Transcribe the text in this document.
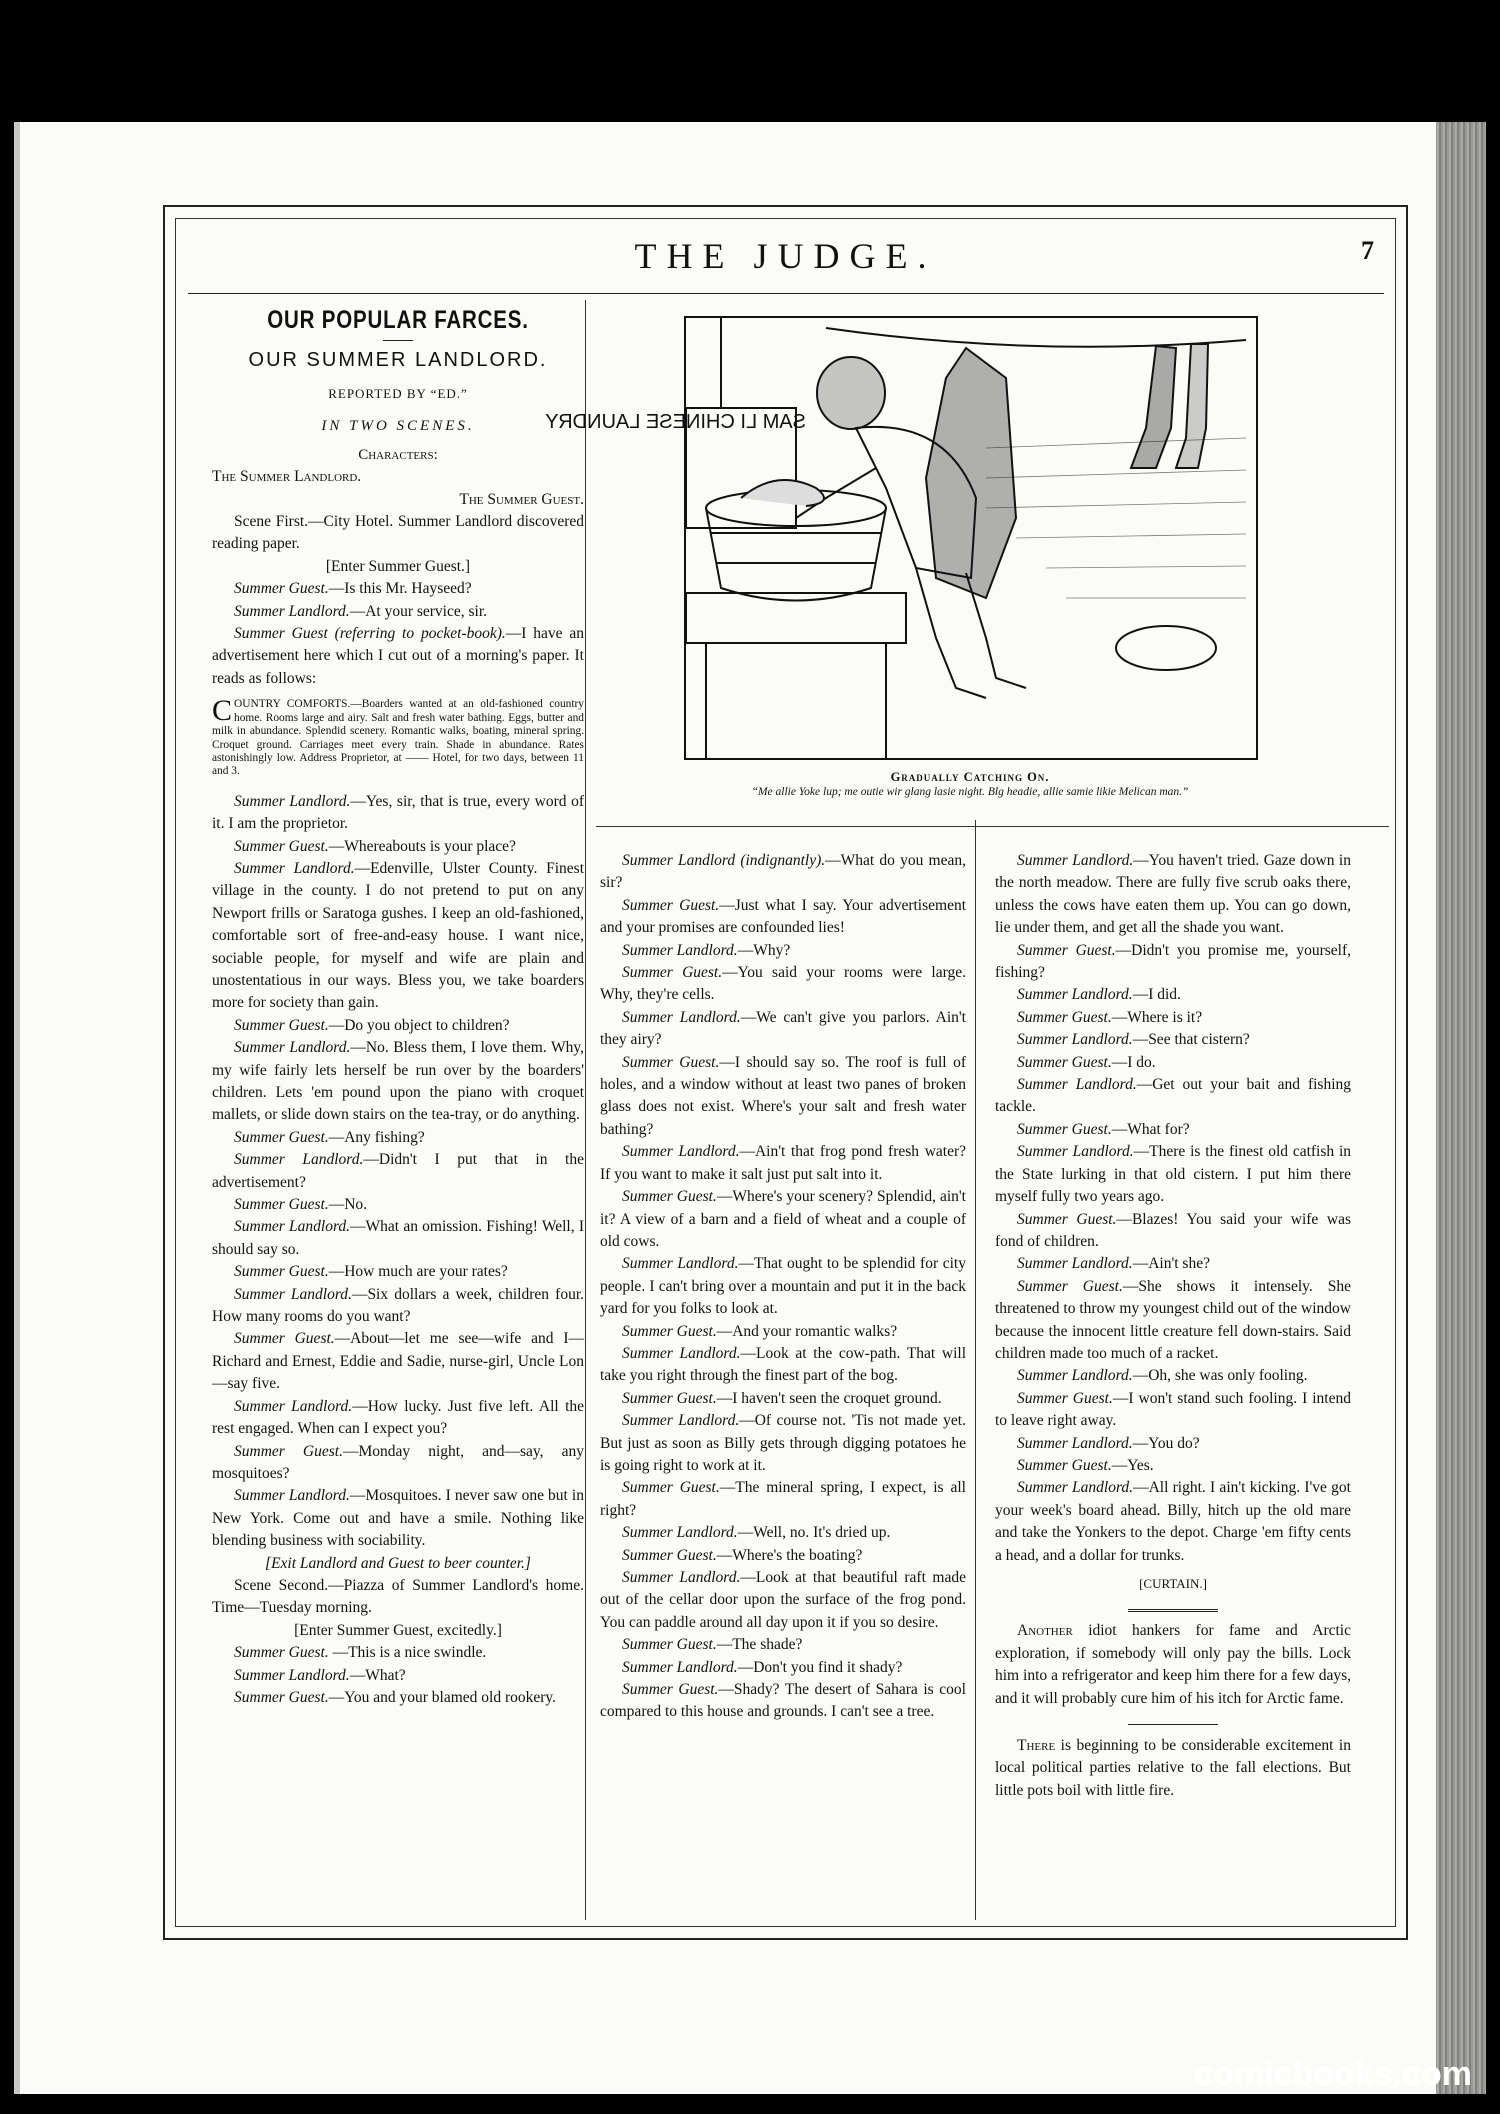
THE JUDGE.	7
OUR POPULAR FARCES.
OUR SUMMER LANDLORD.
REPORTED BY “ED.”
IN TWO SCENES.
Characters:

The Summer Landlord.

The Summer Guest.

Scene First.—City Hotel. Summer Landlord discovered reading paper.

[Enter Summer Guest.]

Summer Guest.—Is this Mr. Hayseed?

Summer Landlord.—At your service, sir.

Summer Guest (referring to pocket-book).—I have an advertisement here which I cut out of a morning's paper. It reads as follows:

COUNTRY COMFORTS.—Boarders wanted at an old-fashioned country home. Rooms large and airy. Salt and fresh water bathing. Eggs, butter and milk in abundance. Splendid scenery. Romantic walks, boating, mineral spring. Croquet ground. Carriages meet every train. Shade in abundance. Rates astonishingly low. Address Proprietor, at —— Hotel, for two days, between 11 and 3.

Summer Landlord.—Yes, sir, that is true, every word of it. I am the proprietor.

Summer Guest.—Whereabouts is your place?

Summer Landlord.—Edenville, Ulster County. Finest village in the county. I do not pretend to put on any Newport frills or Saratoga gushes. I keep an old-fashioned, comfortable sort of free-and-easy house. I want nice, sociable people, for myself and wife are plain and unostentatious in our ways. Bless you, we take boarders more for society than gain.

Summer Guest.—Do you object to children?

Summer Landlord.—No. Bless them, I love them. Why, my wife fairly lets herself be run over by the boarders' children. Lets 'em pound upon the piano with croquet mallets, or slide down stairs on the tea-tray, or do anything.

Summer Guest.—Any fishing?

Summer Landlord.—Didn't I put that in the advertisement?

Summer Guest.—No.

Summer Landlord.—What an omission. Fishing! Well, I should say so.

Summer Guest.—How much are your rates?

Summer Landlord.—Six dollars a week, children four. How many rooms do you want?

Summer Guest.—About—let me see—wife and I—Richard and Ernest, Eddie and Sadie, nurse-girl, Uncle Lon—say five.

Summer Landlord.—How lucky. Just five left. All the rest engaged. When can I expect you?

Summer Guest.—Monday night, and—say, any mosquitoes?

Summer Landlord.—Mosquitoes. I never saw one but in New York. Come out and have a smile. Nothing like blending business with sociability.

[Exit Landlord and Guest to beer counter.]

Scene Second.—Piazza of Summer Landlord's home. Time—Tuesday morning.

[Enter Summer Guest, excitedly.]

Summer Guest. —This is a nice swindle.

Summer Landlord.—What?

Summer Guest.—You and your blamed old rookery.

SAM LI CHINESE LAUNDRY
Gradually Catching On.
“Me allie Yoke lup; me outie wir glang lasie night. Blg headie, allie samie likie Melican man.”

Summer Landlord (indignantly).—What do you mean, sir?

Summer Guest.—Just what I say. Your advertisement and your promises are confounded lies!

Summer Landlord.—Why?

Summer Guest.—You said your rooms were large. Why, they're cells.

Summer Landlord.—We can't give you parlors. Ain't they airy?

Summer Guest.—I should say so. The roof is full of holes, and a window without at least two panes of broken glass does not exist. Where's your salt and fresh water bathing?

Summer Landlord.—Ain't that frog pond fresh water? If you want to make it salt just put salt into it.

Summer Guest.—Where's your scenery? Splendid, ain't it? A view of a barn and a field of wheat and a couple of old cows.

Summer Landlord.—That ought to be splendid for city people. I can't bring over a mountain and put it in the back yard for you folks to look at.

Summer Guest.—And your romantic walks?

Summer Landlord.—Look at the cow-path. That will take you right through the finest part of the bog.

Summer Guest.—I haven't seen the croquet ground.

Summer Landlord.—Of course not. 'Tis not made yet. But just as soon as Billy gets through digging potatoes he is going right to work at it.

Summer Guest.—The mineral spring, I expect, is all right?

Summer Landlord.—Well, no. It's dried up.

Summer Guest.—Where's the boating?

Summer Landlord.—Look at that beautiful raft made out of the cellar door upon the surface of the frog pond. You can paddle around all day upon it if you so desire.

Summer Guest.—The shade?

Summer Landlord.—Don't you find it shady?

Summer Guest.—Shady? The desert of Sahara is cool compared to this house and grounds. I can't see a tree.

Summer Landlord.—You haven't tried. Gaze down in the north meadow. There are fully five scrub oaks there, unless the cows have eaten them up. You can go down, lie under them, and get all the shade you want.

Summer Guest.—Didn't you promise me, yourself, fishing?

Summer Landlord.—I did.

Summer Guest.—Where is it?

Summer Landlord.—See that cistern?

Summer Guest.—I do.

Summer Landlord.—Get out your bait and fishing tackle.

Summer Guest.—What for?

Summer Landlord.—There is the finest old catfish in the State lurking in that old cistern. I put him there myself fully two years ago.

Summer Guest.—Blazes! You said your wife was fond of children.

Summer Landlord.—Ain't she?

Summer Guest.—She shows it intensely. She threatened to throw my youngest child out of the window because the innocent little creature fell down-stairs. Said children made too much of a racket.

Summer Landlord.—Oh, she was only fooling.

Summer Guest.—I won't stand such fooling. I intend to leave right away.

Summer Landlord.—You do?

Summer Guest.—Yes.

Summer Landlord.—All right. I ain't kicking. I've got your week's board ahead. Billy, hitch up the old mare and take the Yonkers to the depot. Charge 'em fifty cents a head, and a dollar for trunks.

[CURTAIN.]

Another idiot hankers for fame and Arctic exploration, if somebody will only pay the bills. Lock him into a refrigerator and keep him there for a few days, and it will probably cure him of his itch for Arctic fame.

There is beginning to be considerable excitement in local political parties relative to the fall elections. But little pots boil with little fire.

comicbooks.com
